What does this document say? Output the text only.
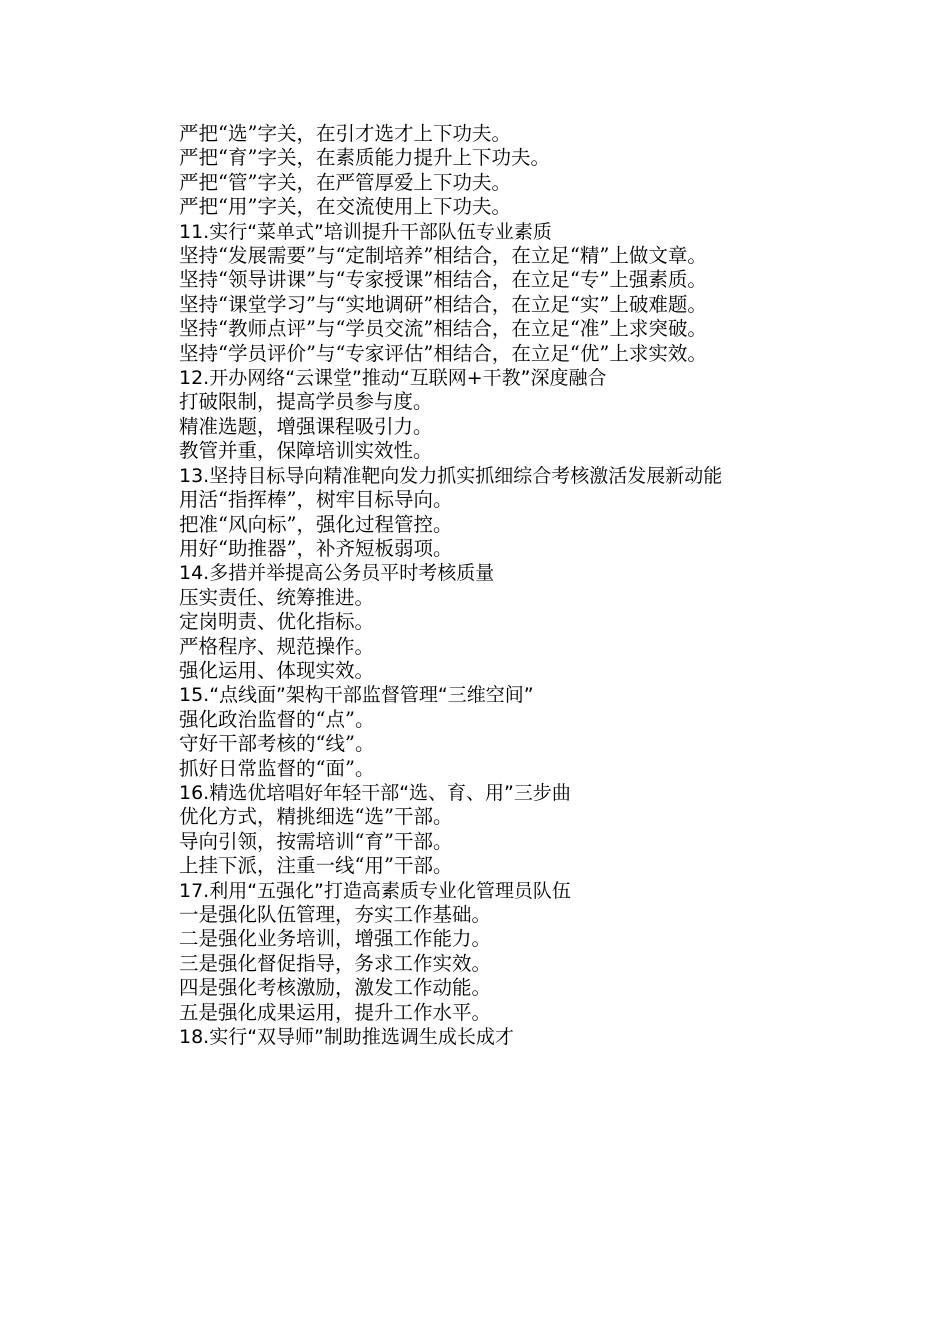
严把“选”字关，在引才选才上下功夫。

严把“育”字关，在素质能力提升上下功夫。

严把“管”字关，在严管厚爱上下功夫。

严把“用”字关，在交流使用上下功夫。

11.实行“菜单式”培训提升干部队伍专业素质

坚持“发展需要”与“定制培养”相结合，在立足“精”上做文章。

坚持“领导讲课”与“专家授课”相结合，在立足“专”上强素质。

坚持“课堂学习”与“实地调研”相结合，在立足“实”上破难题。

坚持“教师点评”与“学员交流”相结合，在立足“准”上求突破。

坚持“学员评价”与“专家评估”相结合，在立足“优”上求实效。

12.开办网络“云课堂”推动“互联网+干教”深度融合

打破限制，提高学员参与度。

精准选题，增强课程吸引力。

教管并重，保障培训实效性。

13.坚持目标导向精准靶向发力抓实抓细综合考核激活发展新动能

用活“指挥棒”，树牢目标导向。

把准“风向标”，强化过程管控。

用好“助推器”，补齐短板弱项。

14.多措并举提高公务员平时考核质量

压实责任、统筹推进。

定岗明责、优化指标。

严格程序、规范操作。

强化运用、体现实效。

15.“点线面”架构干部监督管理“三维空间”

强化政治监督的“点”。

守好干部考核的“线”。

抓好日常监督的“面”。

16.精选优培唱好年轻干部“选、育、用”三步曲

优化方式，精挑细选“选”干部。

导向引领，按需培训“育”干部。

上挂下派，注重一线“用”干部。

17.利用“五强化”打造高素质专业化管理员队伍

一是强化队伍管理，夯实工作基础。

二是强化业务培训，增强工作能力。

三是强化督促指导，务求工作实效。

四是强化考核激励，激发工作动能。

五是强化成果运用，提升工作水平。

18.实行“双导师”制助推选调生成长成才
